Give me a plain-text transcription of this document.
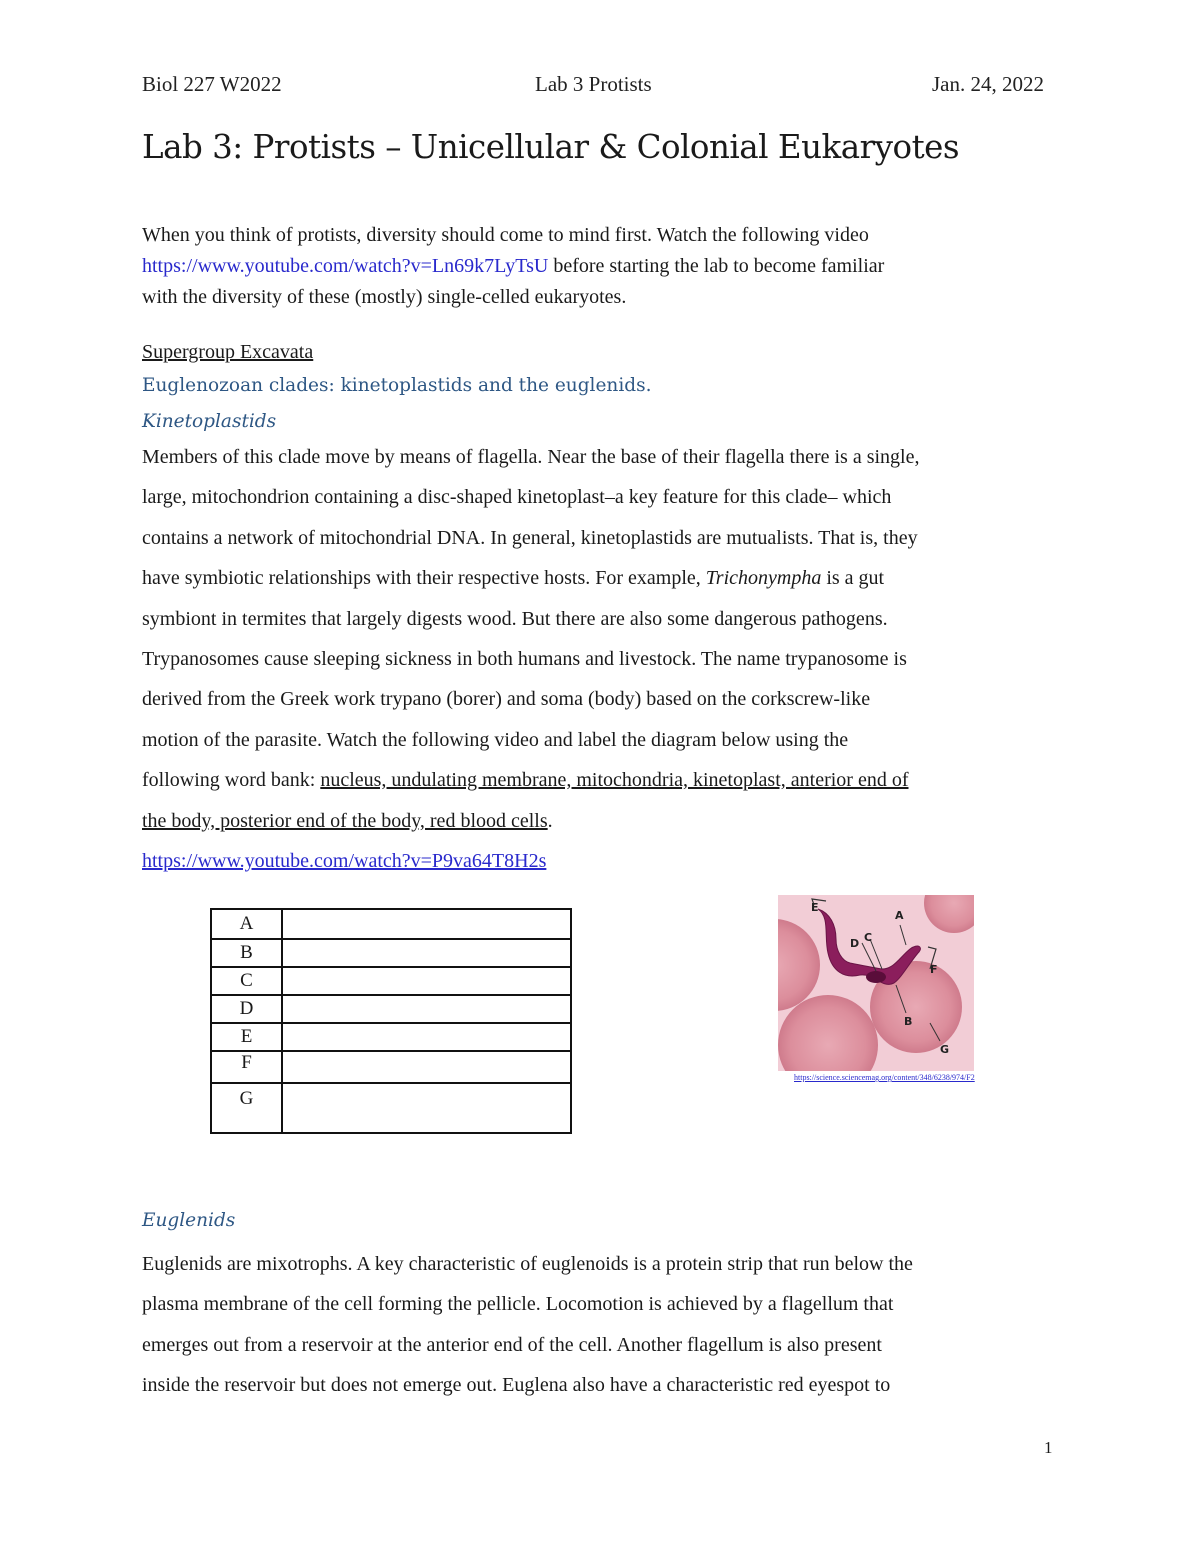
Biol 227 W2022	Lab 3 Protists	Jan. 24, 2022
Lab 3: Protists – Unicellular & Colonial Eukaryotes
When you think of protists, diversity should come to mind first. Watch the following video
https://www.youtube.com/watch?v=Ln69k7LyTsU before starting the lab to become familiar
with the diversity of these (mostly) single-celled eukaryotes.
Supergroup Excavata
Euglenozoan clades: kinetoplastids and the euglenids.
Kinetoplastids
Members of this clade move by means of flagella. Near the base of their flagella there is a single,
large, mitochondrion containing a disc-shaped kinetoplast–a key feature for this clade– which
contains a network of mitochondrial DNA. In general, kinetoplastids are mutualists. That is, they
have symbiotic relationships with their respective hosts. For example, Trichonympha is a gut
symbiont in termites that largely digests wood. But there are also some dangerous pathogens.
Trypanosomes cause sleeping sickness in both humans and livestock. The name trypanosome is
derived from the Greek work trypano (borer) and soma (body) based on the corkscrew-like
motion of the parasite. Watch the following video and label the diagram below using the
following word bank: nucleus, undulating membrane, mitochondria, kinetoplast, anterior end of
the body, posterior end of the body, red blood cells.
https://www.youtube.com/watch?v=P9va64T8H2s
A	
B	
C	
D	
E	
F	
G	
E
A
D C
F
B
G
https://science.sciencemag.org/content/348/6238/974/F2
Euglenids
Euglenids are mixotrophs. A key characteristic of euglenoids is a protein strip that run below the
plasma membrane of the cell forming the pellicle. Locomotion is achieved by a flagellum that
emerges out from a reservoir at the anterior end of the cell. Another flagellum is also present
inside the reservoir but does not emerge out. Euglena also have a characteristic red eyespot to
1
